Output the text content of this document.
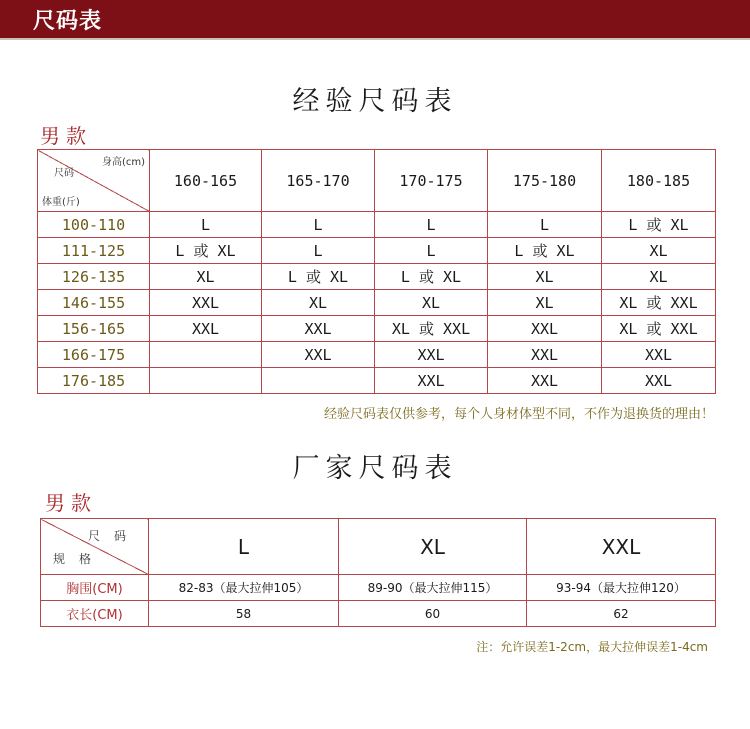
尺码表
经验尺码表
男款
身高(cm)
尺码
体重(斤)	160-165	165-170	170-175	175-180	180-185
100-110	L	L	L	L	L 或 XL
111-125	L 或 XL	L	L	L 或 XL	XL
126-135	XL	L 或 XL	L 或 XL	XL	XL
146-155	XXL	XL	XL	XL	XL 或 XXL
156-165	XXL	XXL	XL 或 XXL	XXL	XL 或 XXL
166-175		XXL	XXL	XXL	XXL
176-185			XXL	XXL	XXL
经验尺码表仅供参考，每个人身材体型不同，不作为退换货的理由！
厂家尺码表
男款
尺码
规格	L	XL	XXL
胸围(CM)	82-83（最大拉伸105）	89-90（最大拉伸115）	93-94（最大拉伸120）
衣长(CM)	58	60	62
注：允许误差1-2cm，最大拉伸误差1-4cm
